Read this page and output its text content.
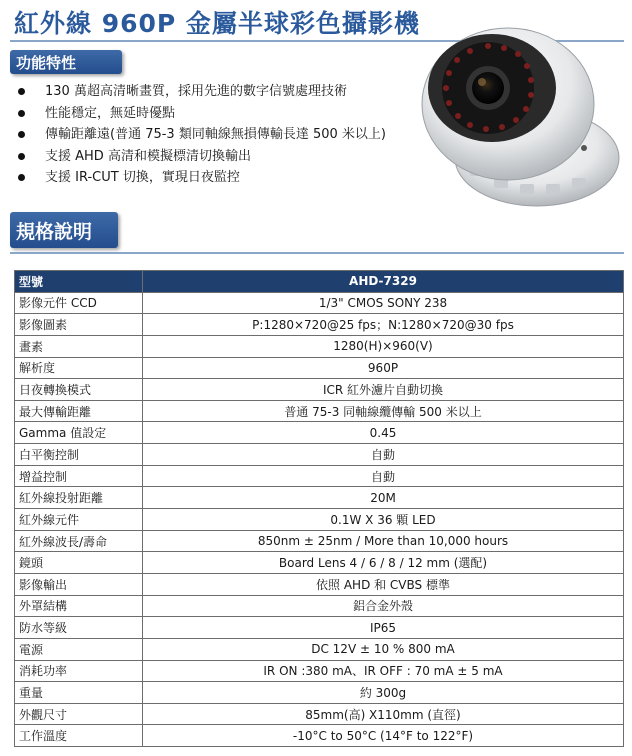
紅外線 960P 金屬半球彩色攝影機
功能特性
130 萬超高清晰畫質，採用先進的數字信號處理技術
性能穩定，無延時優點
傳輸距離遠(普通 75-3 類同軸線無損傳輸長達 500 米以上)
支援 AHD 高清和模擬標清切換輸出
支援 IR-CUT 切換，實現日夜監控
規格說明
型號	AHD-7329
影像元件 CCD	1/3" CMOS SONY 238
影像圖素	P:1280×720@25 fps；N:1280×720@30 fps
畫素	1280(H)×960(V)
解析度	960P
日夜轉換模式	ICR 紅外濾片自動切換
最大傳輸距離	普通 75-3 同軸線纜傳輸 500 米以上
Gamma 值設定	0.45
白平衡控制	自動
增益控制	自動
紅外線投射距離	20M
紅外線元件	0.1W X 36 顆 LED
紅外線波長/壽命	850nm ± 25nm / More than 10,000 hours
鏡頭	Board Lens 4 / 6 / 8 / 12 mm (選配)
影像輸出	依照 AHD 和 CVBS 標準
外罩結構	鋁合金外殼
防水等級	IP65
電源	DC 12V ± 10 % 800 mA
消耗功率	IR ON :380 mA、IR OFF : 70 mA ± 5 mA
重量	約 300g
外觀尺寸	85mm(高) X110mm (直徑)
工作溫度	-10°C to 50°C (14°F to 122°F)
